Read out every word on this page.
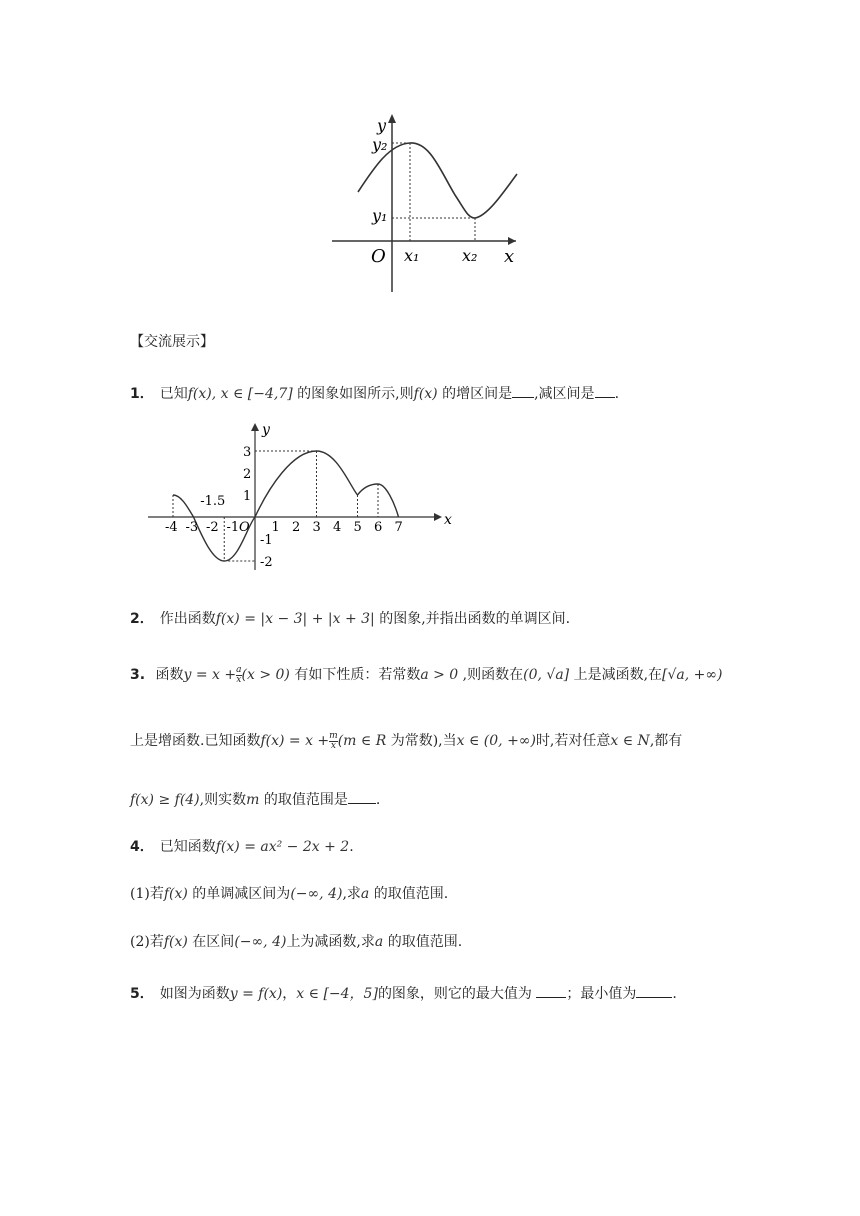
y
y₂
y₁
O x₁	x₂ x
【交流展示】
1． 已知f(x), x ∈ [−4,7] 的图象如图所示,则f(x) 的增区间是 ,减区间是 .
x
y
-4 -3 -2 -1 O 1 2 3 4 5 6 7
3
2
1
-1
-2
-1.5
2． 作出函数f(x) = |x − 3| + |x + 3| 的图象,并指出函数的单调区间.
3. 函数$y = x + \frac{a}{x} (x > 0)$ 有如下性质：若常数a > 0 ,则函数在(0, √a] 上是减函数,在[√a, +∞)
上是增函数.已知函数$f(x) = x + \frac{m}{x} (m$ ∈ R 为常数),当x ∈ (0, +∞)时,若对任意x ∈ N,都有
f(x) ≥ f(4),则实数m 的取值范围是 .
4． 已知函数f(x) = ax² − 2x + 2.
(1)若f(x) 的单调减区间为(−∞, 4),求a 的取值范围.
(2)若f(x) 在区间(−∞, 4)上为减函数,求a 的取值范围.
5． 如图为函数y = f(x)，x ∈ [−4，5]的图象，则它的最大值为 ；最小值为	.
